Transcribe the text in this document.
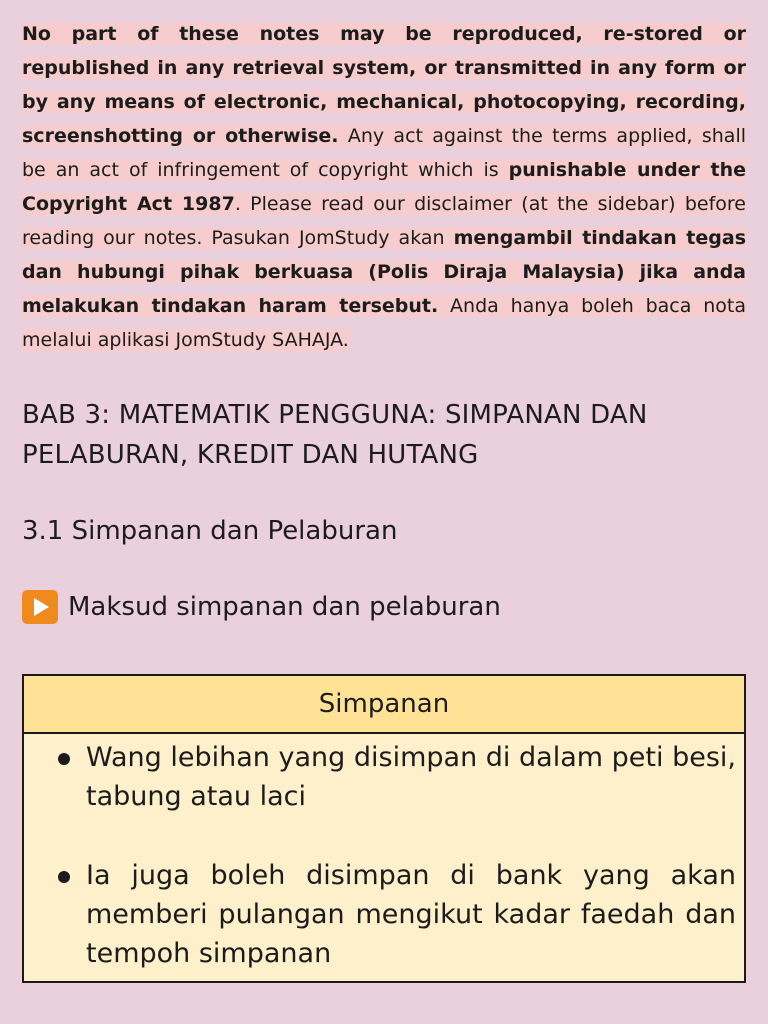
No part of these notes may be reproduced, re-stored or republished in any retrieval system, or transmitted in any form or by any means of electronic, mechanical, photocopying, recording, screenshotting or otherwise. Any act against the terms applied, shall be an act of infringement of copyright which is punishable under the Copyright Act 1987. Please read our disclaimer (at the sidebar) before reading our notes. Pasukan JomStudy akan mengambil tindakan tegas dan hubungi pihak berkuasa (Polis Diraja Malaysia) jika anda melakukan tindakan haram tersebut. Anda hanya boleh baca nota melalui aplikasi JomStudy SAHAJA.

BAB 3: MATEMATIK PENGGUNA: SIMPANAN DAN PELABURAN, KREDIT DAN HUTANG
3.1 Simpanan dan Pelaburan
Maksud simpanan dan pelaburan
Simpanan
Wang lebihan yang disimpan di dalam peti besi, tabung atau laci
Ia juga boleh disimpan di bank yang akan memberi pulangan mengikut kadar faedah dan tempoh simpanan
